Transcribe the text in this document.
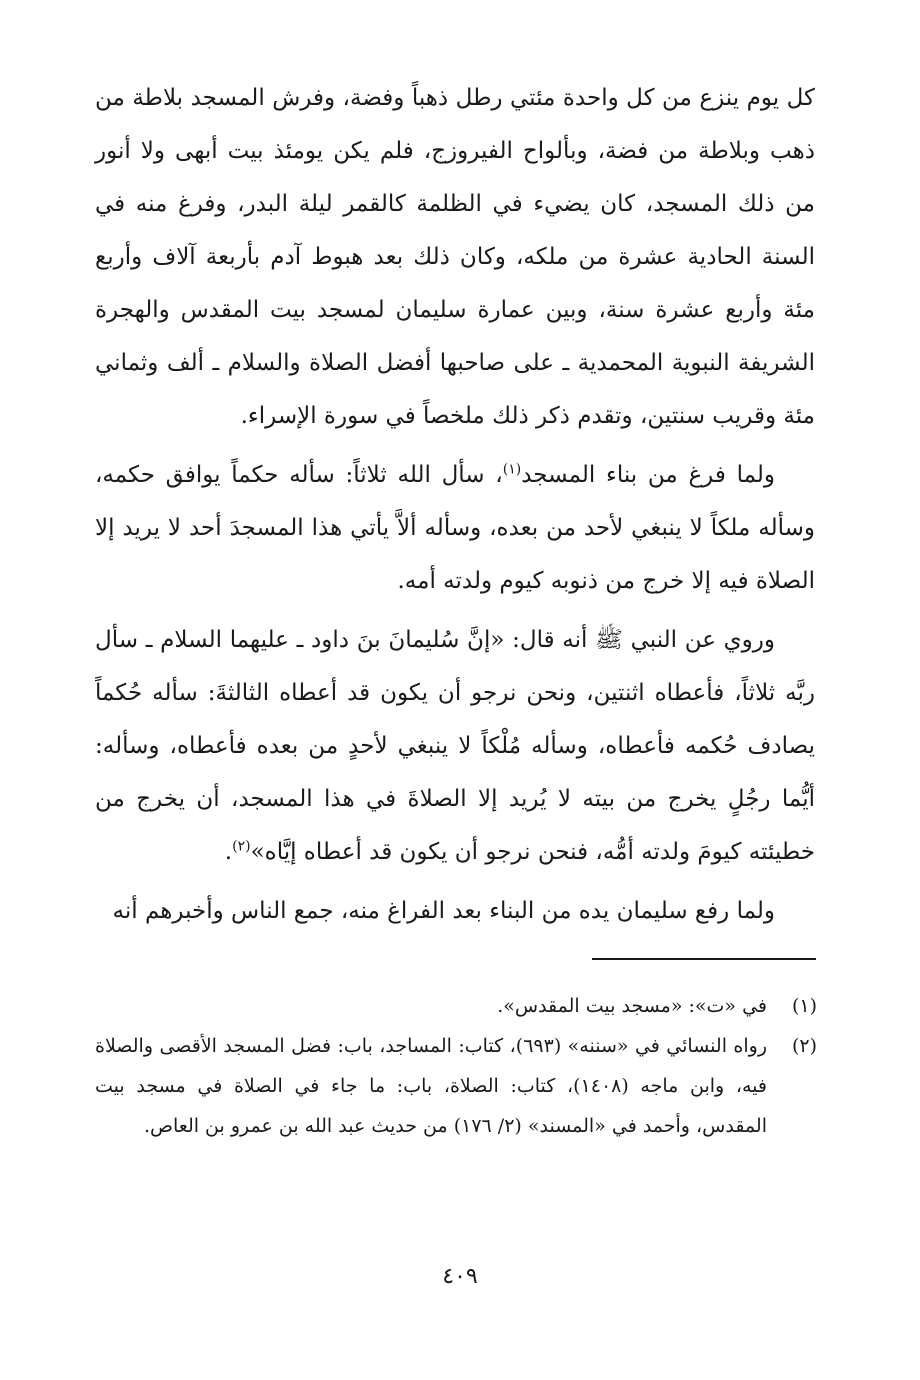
كل يوم ينزع من كل واحدة مئتي رطل ذهباً وفضة، وفرش المسجد بلاطة من ذهب وبلاطة من فضة، وبألواح الفيروزج، فلم يكن يومئذ بيت أبهى ولا أنور من ذلك المسجد، كان يضيء في الظلمة كالقمر ليلة البدر، وفرغ منه في السنة الحادية عشرة من ملكه، وكان ذلك بعد هبوط آدم بأربعة آلاف وأربع مئة وأربع عشرة سنة، وبين عمارة سليمان لمسجد بيت المقدس والهجرة الشريفة النبوية المحمدية ـ على صاحبها أفضل الصلاة والسلام ـ ألف وثماني مئة وقريب سنتين، وتقدم ذكر ذلك ملخصاً في سورة الإسراء.

ولما فرغ من بناء المسجد$^{(١)}$، سأل الله ثلاثاً: سأله حكماً يوافق حكمه، وسأله ملكاً لا ينبغي لأحد من بعده، وسأله ألاَّ يأتي هذا المسجدَ أحد لا يريد إلا الصلاة فيه إلا خرج من ذنوبه كيوم ولدته أمه.

وروي عن النبي ﷺ أنه قال: «إنَّ سُليمانَ بنَ داود ـ عليهما السلام ـ سأل ربَّه ثلاثاً، فأعطاه اثنتين، ونحن نرجو أن يكون قد أعطاه الثالثةَ: سأله حُكماً يصادف حُكمه فأعطاه، وسأله مُلْكاً لا ينبغي لأحدٍ من بعده فأعطاه، وسأله: أيُّما رجُلٍ يخرج من بيته لا يُريد إلا الصلاةَ في هذا المسجد، أن يخرج من خطيئته كيومَ ولدته أمُّه، فنحن نرجو أن يكون قد أعطاه إيَّاه»$^{(٢)}$.

ولما رفع سليمان يده من البناء بعد الفراغ منه، جمع الناس وأخبرهم أنه

(١)
في «ت»: «مسجد بيت المقدس».
(٢)
رواه النسائي في «سننه» (٦٩٣)، كتاب: المساجد، باب: فضل المسجد الأقصى والصلاة فيه، وابن ماجه (١٤٠٨)، كتاب: الصلاة، باب: ما جاء في الصلاة في مسجد بيت المقدس، وأحمد في «المسند» (٢/ ١٧٦) من حديث عبد الله بن عمرو بن العاص.
٤٠٩
